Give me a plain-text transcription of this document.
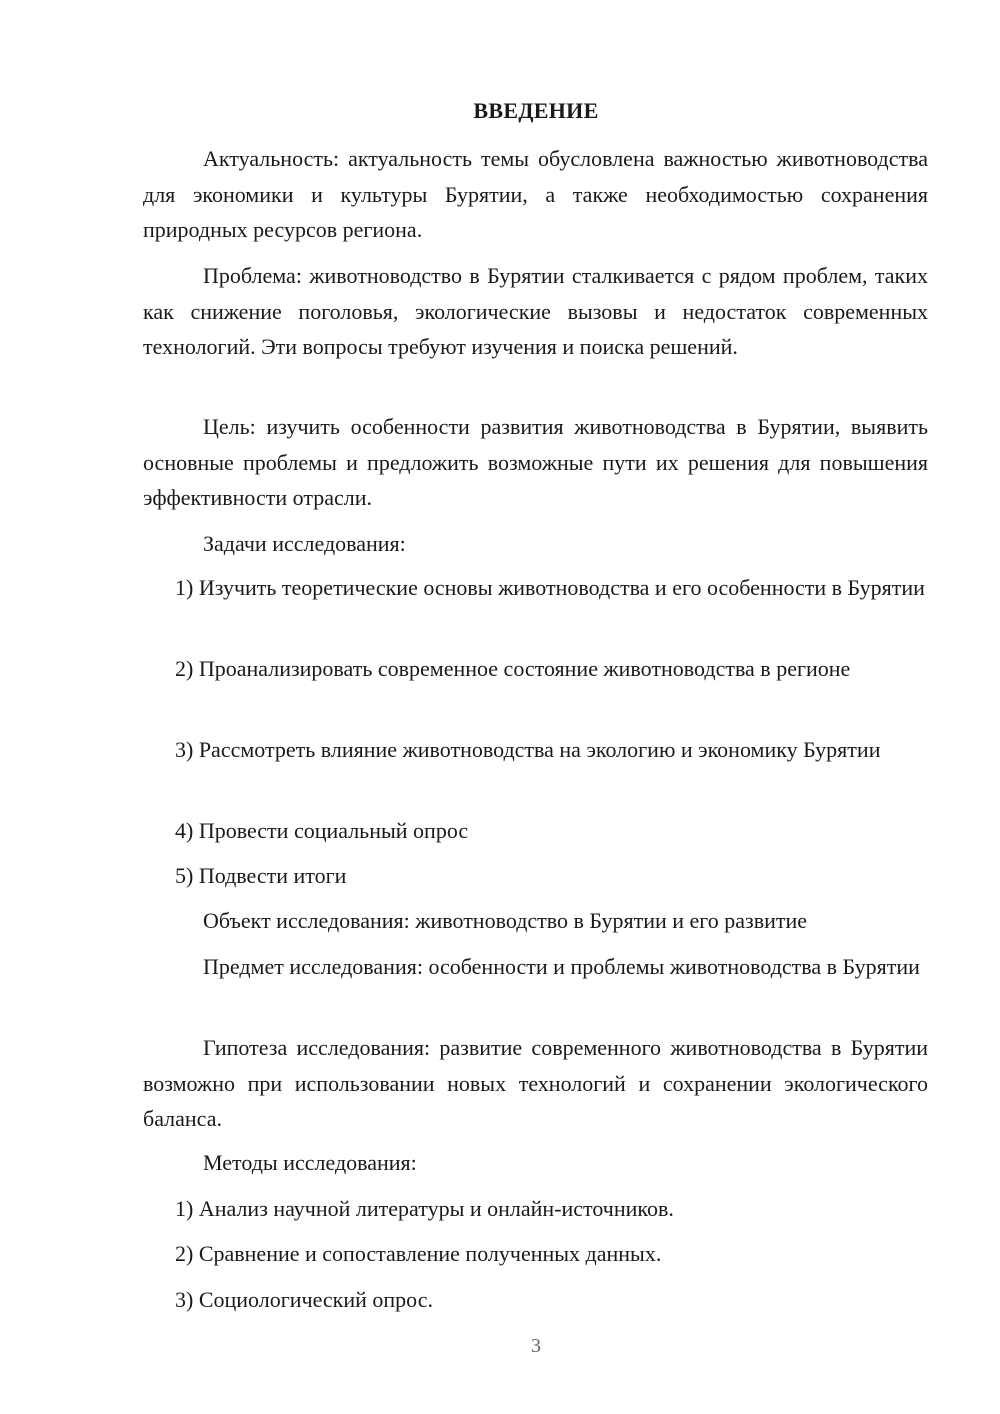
ВВЕДЕНИЕ

Актуальность: актуальность темы обусловлена важностью животноводства для экономики и культуры Бурятии, а также необходимостью сохранения природных ресурсов региона.

Проблема: животноводство в Бурятии сталкивается с рядом проблем, таких как снижение поголовья, экологические вызовы и недостаток современных технологий. Эти вопросы требуют изучения и поиска решений.

Цель: изучить особенности развития животноводства в Бурятии, выявить основные проблемы и предложить возможные пути их решения для повышения эффективности отрасли.

Задачи исследования:

1) Изучить теоретические основы животноводства и его особенности в Бурятии

2) Проанализировать современное состояние животноводства в регионе

3) Рассмотреть влияние животноводства на экологию и экономику Бурятии

4) Провести социальный опрос

5) Подвести итоги

Объект исследования: животноводство в Бурятии и его развитие

Предмет исследования: особенности и проблемы животноводства в Бурятии

Гипотеза исследования: развитие современного животноводства в Бурятии возможно при использовании новых технологий и сохранении экологического баланса.

Методы исследования:

1) Анализ научной литературы и онлайн-источников.

2) Сравнение и сопоставление полученных данных.

3) Социологический опрос.

3
